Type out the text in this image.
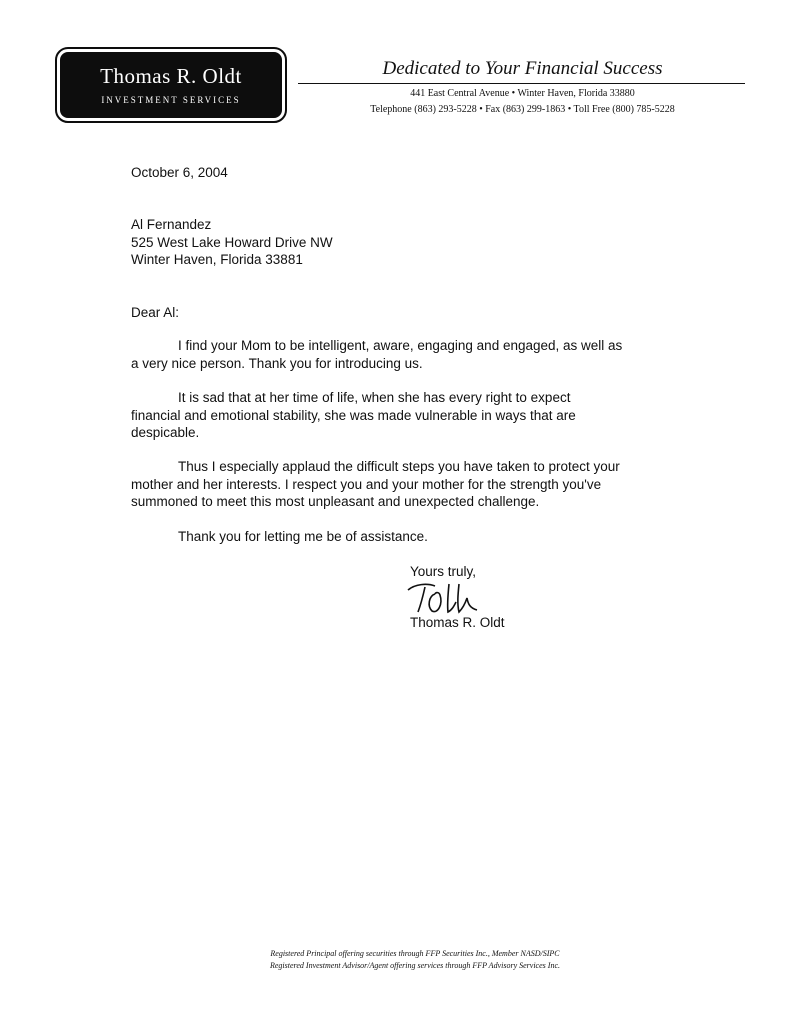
Thomas R. Oldt
INVESTMENT SERVICES
Dedicated to Your Financial Success
441 East Central Avenue • Winter Haven, Florida 33880
Telephone (863) 293-5228 • Fax (863) 299-1863 • Toll Free (800) 785-5228
October 6, 2004
Al Fernandez
525 West Lake Howard Drive NW
Winter Haven, Florida 33881
Dear Al:

I find your Mom to be intelligent, aware, engaging and engaged, as well as

a very nice person. Thank you for introducing us.

It is sad that at her time of life, when she has every right to expect

financial and emotional stability, she was made vulnerable in ways that are

despicable.

Thus I especially applaud the difficult steps you have taken to protect your

mother and her interests. I respect you and your mother for the strength you've

summoned to meet this most unpleasant and unexpected challenge.

Thank you for letting me be of assistance.

Yours truly,
Thomas R. Oldt
Registered Principal offering securities through FFP Securities Inc., Member NASD/SIPC
Registered Investment Advisor/Agent offering services through FFP Advisory Services Inc.
